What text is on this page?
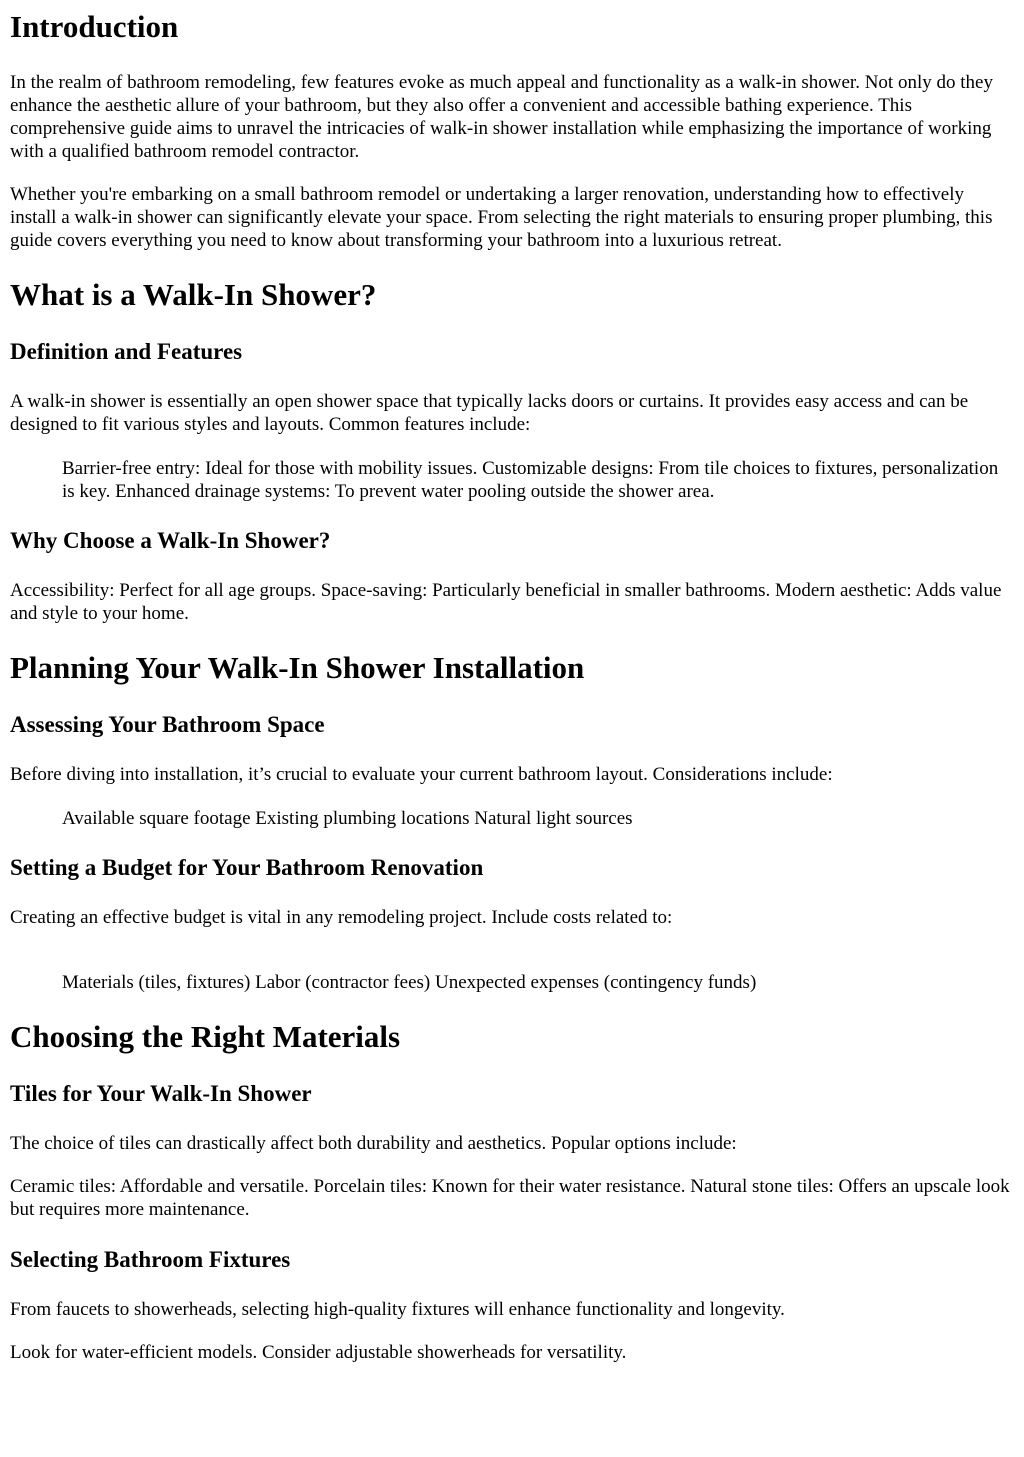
Introduction

In the realm of bathroom remodeling, few features evoke as much appeal and functionality as a walk-in shower. Not only do they enhance the aesthetic allure of your bathroom, but they also offer a convenient and accessible bathing experience. This comprehensive guide aims to unravel the intricacies of walk-in shower installation while emphasizing the importance of working with a qualified bathroom remodel contractor.

Whether you're embarking on a small bathroom remodel or undertaking a larger renovation, understanding how to effectively install a walk-in shower can significantly elevate your space. From selecting the right materials to ensuring proper plumbing, this guide covers everything you need to know about transforming your bathroom into a luxurious retreat.

What is a Walk-In Shower?
Definition and Features

A walk-in shower is essentially an open shower space that typically lacks doors or curtains. It provides easy access and can be designed to fit various styles and layouts. Common features include:

Barrier-free entry: Ideal for those with mobility issues. Customizable designs: From tile choices to fixtures, personalization is key. Enhanced drainage systems: To prevent water pooling outside the shower area.

Why Choose a Walk-In Shower?

Accessibility: Perfect for all age groups. Space-saving: Particularly beneficial in smaller bathrooms. Modern aesthetic: Adds value and style to your home.

Planning Your Walk-In Shower Installation
Assessing Your Bathroom Space

Before diving into installation, it’s crucial to evaluate your current bathroom layout. Considerations include:

Available square footage Existing plumbing locations Natural light sources

Setting a Budget for Your Bathroom Renovation

Creating an effective budget is vital in any remodeling project. Include costs related to:

Materials (tiles, fixtures) Labor (contractor fees) Unexpected expenses (contingency funds)

Choosing the Right Materials
Tiles for Your Walk-In Shower

The choice of tiles can drastically affect both durability and aesthetics. Popular options include:

Ceramic tiles: Affordable and versatile. Porcelain tiles: Known for their water resistance. Natural stone tiles: Offers an upscale look but requires more maintenance.

Selecting Bathroom Fixtures

From faucets to showerheads, selecting high-quality fixtures will enhance functionality and longevity.

Look for water-efficient models. Consider adjustable showerheads for versatility.
